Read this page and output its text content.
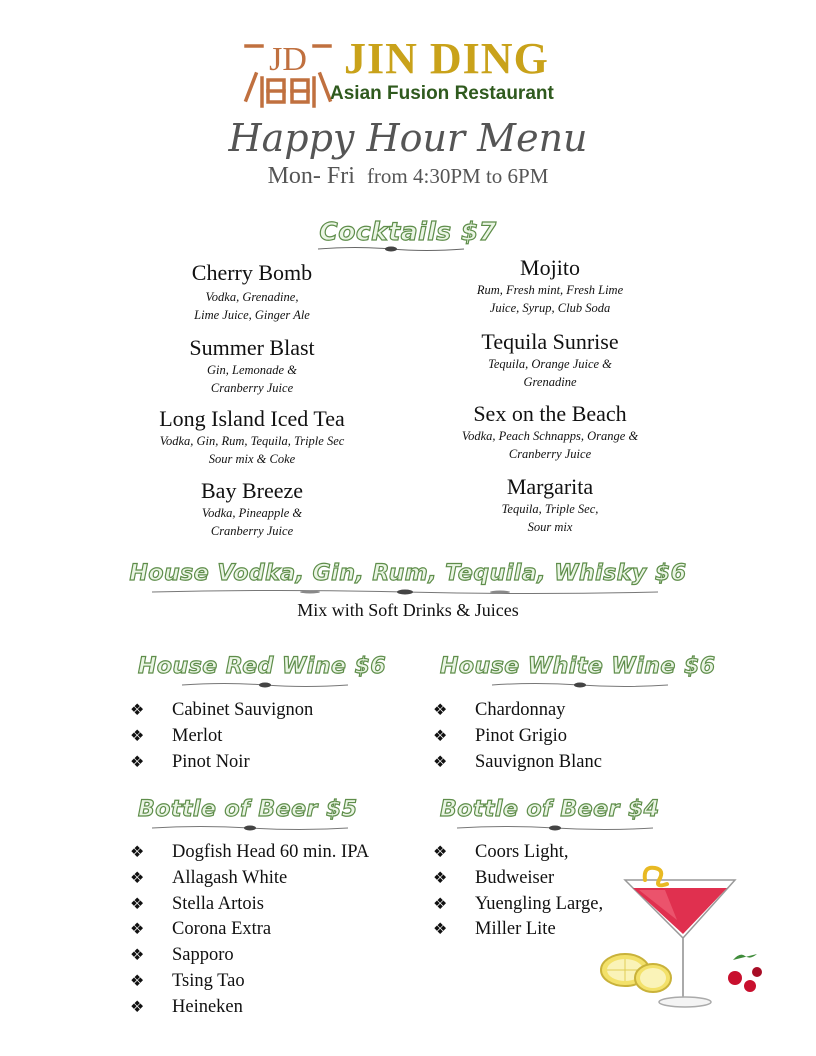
JD JIN DING
Asian Fusion Restaurant
Happy Hour Menu
Mon- Fri from 4:30PM to 6PM
Cocktails $7
Cherry Bomb
Vodka, Grenadine,
Lime Juice, Ginger Ale
Summer Blast
Gin, Lemonade &
Cranberry Juice
Long Island Iced Tea
Vodka, Gin, Rum, Tequila, Triple Sec
Sour mix & Coke
Bay Breeze
Vodka, Pineapple &
Cranberry Juice
Mojito
Rum, Fresh mint, Fresh Lime
Juice, Syrup, Club Soda
Tequila Sunrise
Tequila, Orange Juice &
Grenadine
Sex on the Beach
Vodka, Peach Schnapps, Orange &
Cranberry Juice
Margarita
Tequila, Triple Sec,
Sour mix
House Vodka, Gin, Rum, Tequila, Whisky $6
Mix with Soft Drinks & Juices
House Red Wine $6 House White Wine $6
❖ Cabinet Sauvignon
❖ Merlot
❖ Pinot Noir
❖ Chardonnay
❖ Pinot Grigio
❖ Sauvignon Blanc
Bottle of Beer $5	Bottle of Beer $4
❖ Dogfish Head 60 min. IPA
❖ Allagash White
❖ Stella Artois
❖ Corona Extra
❖ Sapporo
❖ Tsing Tao
❖ Heineken
❖ Coors Light,
❖ Budweiser
❖ Yuengling Large,
❖ Miller Lite
